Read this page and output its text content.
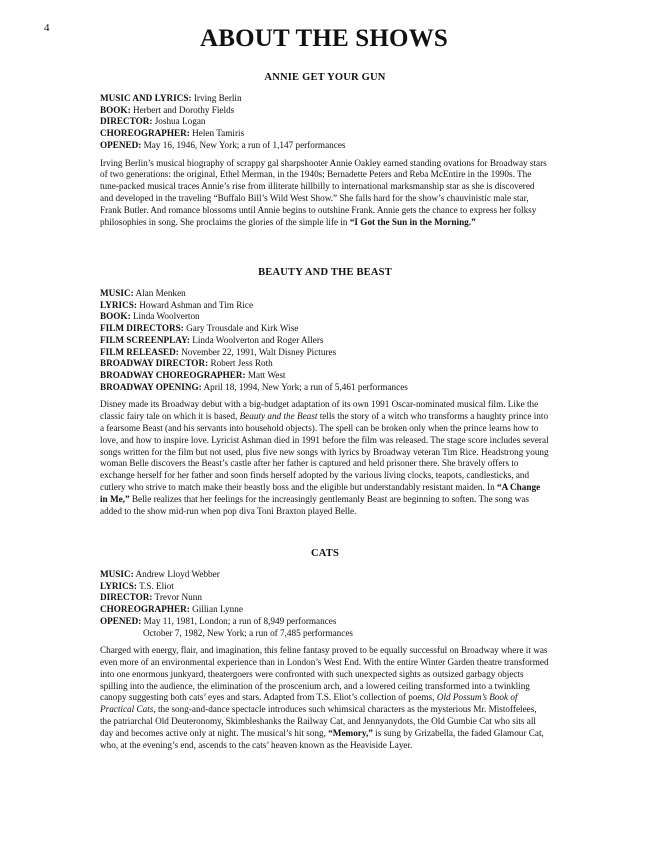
4	ABOUT THE SHOWS
ANNIE GET YOUR GUN
MUSIC AND LYRICS: Irving Berlin
BOOK: Herbert and Dorothy Fields
DIRECTOR: Joshua Logan
CHOREOGRAPHER: Helen Tamiris
OPENED: May 16, 1946, New York; a run of 1,147 performances
Irving Berlin’s musical biography of scrappy gal sharpshooter Annie Oakley earned standing ovations for Broadway stars of two generations: the original, Ethel Merman, in the 1940s; Bernadette Peters and Reba McEntire in the 1990s. The tune-packed musical traces Annie’s rise from illiterate hillbilly to international marksmanship star as she is discovered and developed in the traveling “Buffalo Bill’s Wild West Show.” She falls hard for the show’s chauvinistic male star, Frank Butler. And romance blossoms until Annie begins to outshine Frank. Annie gets the chance to express her folksy philosophies in song. She proclaims the glories of the simple life in “I Got the Sun in the Morning.”
BEAUTY AND THE BEAST
MUSIC: Alan Menken
LYRICS: Howard Ashman and Tim Rice
BOOK: Linda Woolverton
FILM DIRECTORS: Gary Trousdale and Kirk Wise
FILM SCREENPLAY: Linda Woolverton and Roger Allers
FILM RELEASED: November 22, 1991, Walt Disney Pictures
BROADWAY DIRECTOR: Robert Jess Roth
BROADWAY CHOREOGRAPHER: Matt West
BROADWAY OPENING: April 18, 1994, New York; a run of 5,461 performances
Disney made its Broadway debut with a big-budget adaptation of its own 1991 Oscar-nominated musical film. Like the classic fairy tale on which it is based, Beauty and the Beast tells the story of a witch who transforms a haughty prince into a fearsome Beast (and his servants into household objects). The spell can be broken only when the prince learns how to love, and how to inspire love. Lyricist Ashman died in 1991 before the film was released. The stage score includes several songs written for the film but not used, plus five new songs with lyrics by Broadway veteran Tim Rice. Headstrong young woman Belle discovers the Beast’s castle after her father is captured and held prisoner there. She bravely offers to exchange herself for her father and soon finds herself adopted by the various living clocks, teapots, candlesticks, and cutlery who strive to match make their beastly boss and the eligible but understandably resistant maiden. In “A Change in Me,” Belle realizes that her feelings for the increasingly gentlemanly Beast are beginning to soften. The song was added to the show mid-run when pop diva Toni Braxton played Belle.
CATS
MUSIC: Andrew Lloyd Webber
LYRICS: T.S. Eliot
DIRECTOR: Trevor Nunn
CHOREOGRAPHER: Gillian Lynne
OPENED: May 11, 1981, London; a run of 8,949 performances
October 7, 1982, New York; a run of 7,485 performances
Charged with energy, flair, and imagination, this feline fantasy proved to be equally successful on Broadway where it was even more of an environmental experience than in London’s West End. With the entire Winter Garden theatre transformed into one enormous junkyard, theatergoers were confronted with such unexpected sights as outsized garbagy objects spilling into the audience, the elimination of the proscenium arch, and a lowered ceiling transformed into a twinkling canopy suggesting both cats’ eyes and stars. Adapted from T.S. Eliot’s collection of poems, Old Possum’s Book of Practical Cats, the song-and-dance spectacle introduces such whimsical characters as the mysterious Mr. Mistoffelees, the patriarchal Old Deuteronomy, Skimbleshanks the Railway Cat, and Jennyanydots, the Old Gumbie Cat who sits all day and becomes active only at night. The musical’s hit song, “Memory,” is sung by Grizabella, the faded Glamour Cat, who, at the evening’s end, ascends to the cats’ heaven known as the Heaviside Layer.
